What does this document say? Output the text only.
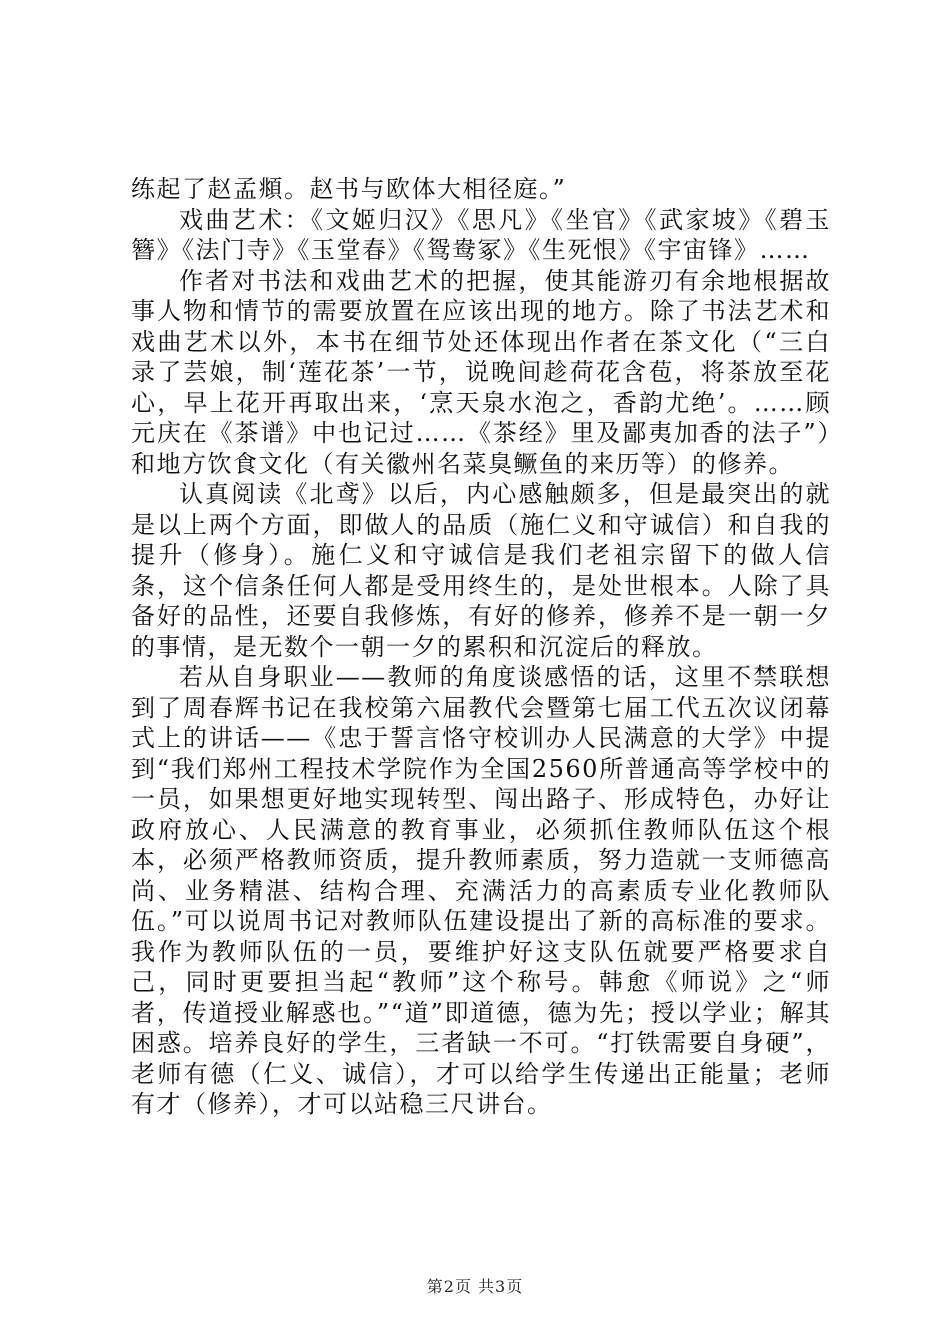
练起了赵孟頫。赵书与欧体大相径庭。”

戏曲艺术：《文姬归汉》《思凡》《坐官》《武家坡》《碧玉簪》《法门寺》《玉堂春》《鸳鸯冢》《生死恨》《宇宙锋》……

作者对书法和戏曲艺术的把握，使其能游刃有余地根据故事人物和情节的需要放置在应该出现的地方。除了书法艺术和戏曲艺术以外，本书在细节处还体现出作者在茶文化（“三白录了芸娘，制‘莲花茶’一节，说晚间趁荷花含苞，将茶放至花心，早上花开再取出来，‘烹天泉水泡之，香韵尤绝’。……顾元庆在《茶谱》中也记过……《茶经》里及鄙夷加香的法子”）和地方饮食文化（有关徽州名菜臭鳜鱼的来历等）的修养。

认真阅读《北鸢》以后，内心感触颇多，但是最突出的就是以上两个方面，即做人的品质（施仁义和守诚信）和自我的提升（修身）。施仁义和守诚信是我们老祖宗留下的做人信条，这个信条任何人都是受用终生的，是处世根本。人除了具备好的品性，还要自我修炼，有好的修养，修养不是一朝一夕的事情，是无数个一朝一夕的累积和沉淀后的释放。

若从自身职业——教师的角度谈感悟的话，这里不禁联想到了周春辉书记在我校第六届教代会暨第七届工代五次议闭幕式上的讲话——《忠于誓言恪守校训办人民满意的大学》中提到“我们郑州工程技术学院作为全国2560所普通高等学校中的一员，如果想更好地实现转型、闯出路子、形成特色，办好让政府放心、人民满意的教育事业，必须抓住教师队伍这个根本，必须严格教师资质，提升教师素质，努力造就一支师德高尚、业务精湛、结构合理、充满活力的高素质专业化教师队伍。”可以说周书记对教师队伍建设提出了新的高标准的要求。我作为教师队伍的一员，要维护好这支队伍就要严格要求自己，同时更要担当起“教师”这个称号。韩愈《师说》之“师者，传道授业解惑也。”“道”即道德，德为先；授以学业；解其困惑。培养良好的学生，三者缺一不可。“打铁需要自身硬”，老师有德（仁义、诚信），才可以给学生传递出正能量；老师有才（修养），才可以站稳三尺讲台。

第2页 共3页
